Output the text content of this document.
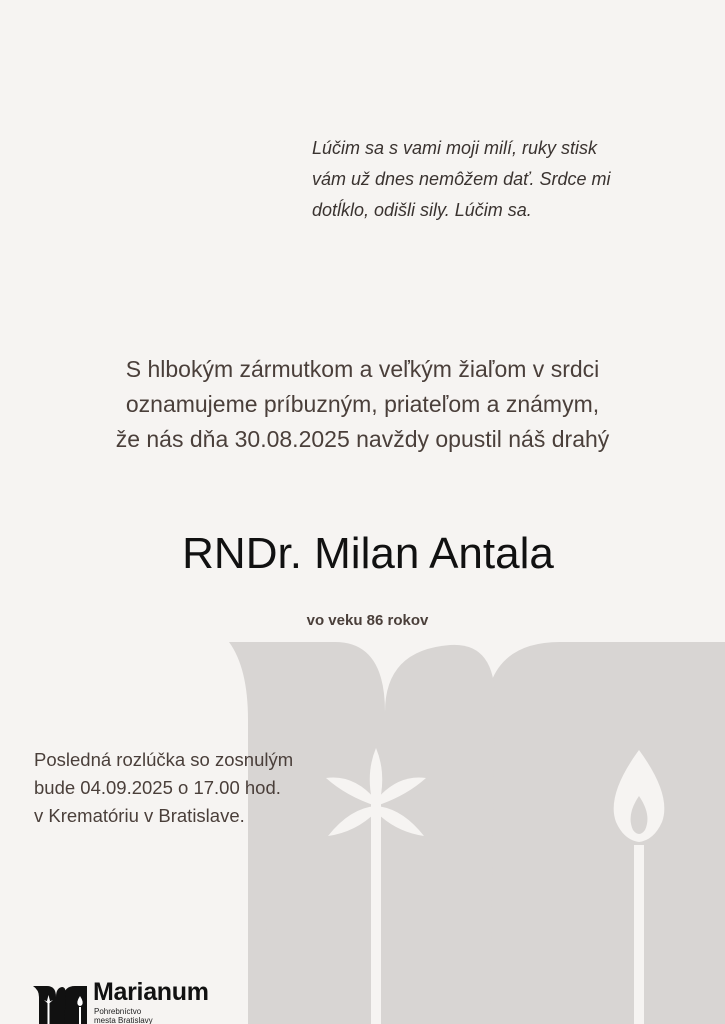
Lúčim sa s vami moji milí, ruky stisk
vám už dnes nemôžem dať. Srdce mi
dotĺklo, odišli sily. Lúčim sa.
S hlbokým zármutkom a veľkým žiaľom v srdci
oznamujeme príbuzným, priateľom a známym,
že nás dňa 30.08.2025 navždy opustil náš drahý
RNDr. Milan Antala
vo veku 86 rokov
Posledná rozlúčka so zosnulým
bude 04.09.2025 o 17.00 hod.
v Krematóriu v Bratislave.
Marianum
Pohrebníctvo
mesta Bratislavy
